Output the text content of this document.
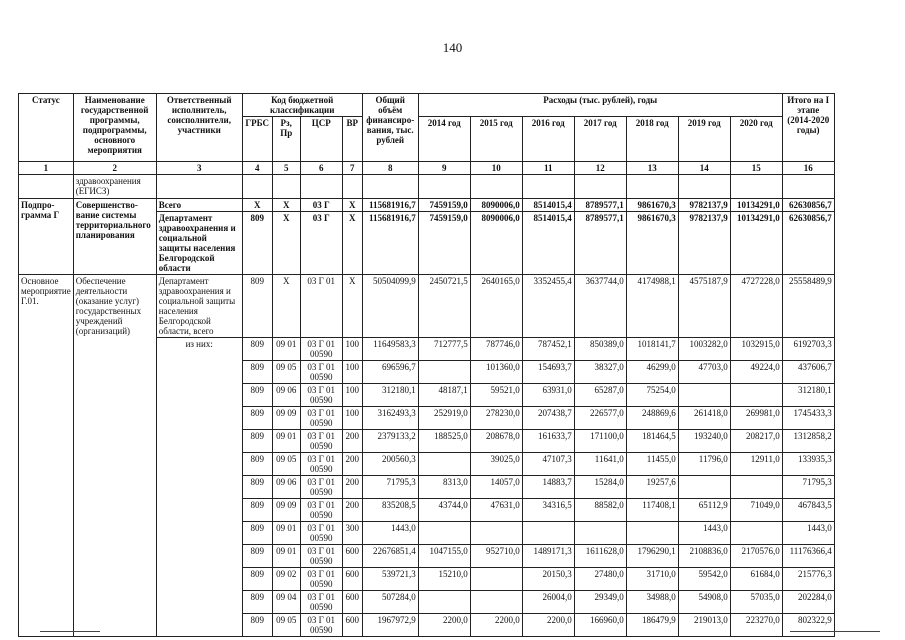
140
Статус	Наименование государственной программы, подпрограммы, основного мероприятия	Ответственный исполнитель, соисполнители, участники	Код бюджетной классификации				Общий объём финансиро-вания, тыс. рублей	Расходы (тыс. рублей), годы							Итого на I этапе (2014-2020 годы)
			ГРБС	Рз, Пр	ЦСР	ВР		2014 год	2015 год	2016 год	2017 год	2018 год	2019 год	2020 год	
1	2	3	4	5	6	7	8	9	10	11	12	13	14	15	16
	здравоохранения (ЕГИСЗ)														
Подпро-грамма Г	Совершенство-вание системы территориального планирования	Всего	X	X	03 Г	X	115681916,7	7459159,0	8090006,0	8514015,4	8789577,1	9861670,3	9782137,9	10134291,0	62630856,7
		Департамент здравоохранения и социальной защиты населения Белгородской области	809	X	03 Г	X	115681916,7	7459159,0	8090006,0	8514015,4	8789577,1	9861670,3	9782137,9	10134291,0	62630856,7
Основное мероприятие Г.01.	Обеспечение деятельности (оказание услуг) государственных учреждений (организаций)	Департамент здравоохранения и социальной защиты населения Белгородской области, всего	809	X	03 Г 01	X	50504099,9	2450721,5	2640165,0	3352455,4	3637744,0	4174988,1	4575187,9	4727228,0	25558489,9
		из них:	809	09 01	03 Г 01 00590	100	11649583,3	712777,5	787746,0	787452,1	850389,0	1018141,7	1003282,0	1032915,0	6192703,3
			809	09 05	03 Г 01 00590	100	696596,7		101360,0	154693,7	38327,0	46299,0	47703,0	49224,0	437606,7
			809	09 06	03 Г 01 00590	100	312180,1	48187,1	59521,0	63931,0	65287,0	75254,0			312180,1
			809	09 09	03 Г 01 00590	100	3162493,3	252919,0	278230,0	207438,7	226577,0	248869,6	261418,0	269981,0	1745433,3
			809	09 01	03 Г 01 00590	200	2379133,2	188525,0	208678,0	161633,7	171100,0	181464,5	193240,0	208217,0	1312858,2
			809	09 05	03 Г 01 00590	200	200560,3		39025,0	47107,3	11641,0	11455,0	11796,0	12911,0	133935,3
			809	09 06	03 Г 01 00590	200	71795,3	8313,0	14057,0	14883,7	15284,0	19257,6			71795,3
			809	09 09	03 Г 01 00590	200	835208,5	43744,0	47631,0	34316,5	88582,0	117408,1	65112,9	71049,0	467843,5
			809	09 01	03 Г 01 00590	300	1443,0						1443,0		1443,0
			809	09 01	03 Г 01 00590	600	22676851,4	1047155,0	952710,0	1489171,3	1611628,0	1796290,1	2108836,0	2170576,0	11176366,4
			809	09 02	03 Г 01 00590	600	539721,3	15210,0		20150,3	27480,0	31710,0	59542,0	61684,0	215776,3
			809	09 04	03 Г 01 00590	600	507284,0			26004,0	29349,0	34988,0	54908,0	57035,0	202284,0
			809	09 05	03 Г 01 00590	600	1967972,9	2200,0	2200,0	2200,0	166960,0	186479,9	219013,0	223270,0	802322,9
